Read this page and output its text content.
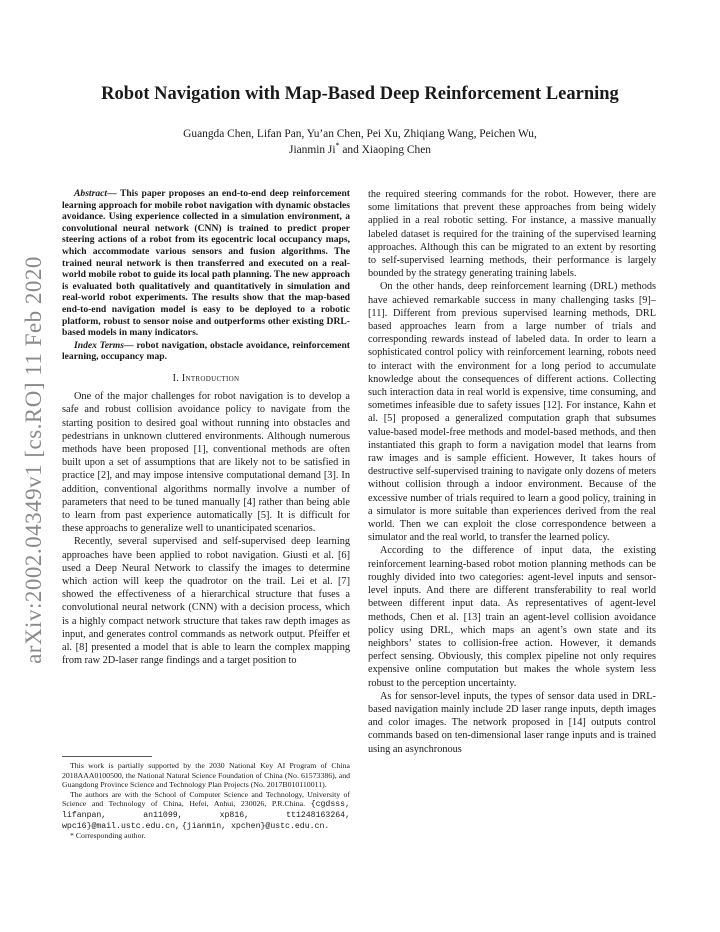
arXiv:2002.04349v1 [cs.RO] 11 Feb 2020
Robot Navigation with Map-Based Deep Reinforcement Learning
Guangda Chen, Lifan Pan, Yu’an Chen, Pei Xu, Zhiqiang Wang, Peichen Wu,
Jianmin Ji* and Xiaoping Chen

Abstract— This paper proposes an end-to-end deep reinforcement learning approach for mobile robot navigation with dynamic obstacles avoidance. Using experience collected in a simulation environment, a convolutional neural network (CNN) is trained to predict proper steering actions of a robot from its egocentric local occupancy maps, which accommodate various sensors and fusion algorithms. The trained neural network is then transferred and executed on a real-world mobile robot to guide its local path planning. The new approach is evaluated both qualitatively and quantitatively in simulation and real-world robot experiments. The results show that the map-based end-to-end navigation model is easy to be deployed to a robotic platform, robust to sensor noise and outperforms other existing DRL-based models in many indicators.

Index Terms— robot navigation, obstacle avoidance, reinforcement learning, occupancy map.

I. Introduction

One of the major challenges for robot navigation is to develop a safe and robust collision avoidance policy to navigate from the starting position to desired goal without running into obstacles and pedestrians in unknown cluttered environments. Although numerous methods have been proposed [1], conventional methods are often built upon a set of assumptions that are likely not to be satisfied in practice [2], and may impose intensive computational demand [3]. In addition, conventional algorithms normally involve a number of parameters that need to be tuned manually [4] rather than being able to learn from past experience automatically [5]. It is difficult for these approachs to generalize well to unanticipated scenarios.

Recently, several supervised and self-supervised deep learning approaches have been applied to robot navigation. Giusti et al. [6] used a Deep Neural Network to classify the images to determine which action will keep the quadrotor on the trail. Lei et al. [7] showed the effectiveness of a hierarchical structure that fuses a convolutional neural network (CNN) with a decision process, which is a highly compact network structure that takes raw depth images as input, and generates control commands as network output. Pfeiffer et al. [8] presented a model that is able to learn the complex mapping from raw 2D-laser range findings and a target position to

This work is partially supported by the 2030 National Key AI Program of China 2018AAA0100500, the National Natural Science Foundation of China (No. 61573386), and Guangdong Province Science and Technology Plan Projects (No. 2017B010110011).

The authors are with the School of Computer Science and Technology, University of Science and Technology of China, Hefei, Anhui, 230026, P.R.China. {cgdsss, lifanpan, an11099, xp816, tt1248163264, wpc16}@mail.ustc.edu.cn, {jianmin, xpchen}@ustc.edu.cn.

* Corresponding author.

the required steering commands for the robot. However, there are some limitations that prevent these approaches from being widely applied in a real robotic setting. For instance, a massive manually labeled dataset is required for the training of the supervised learning approaches. Although this can be migrated to an extent by resorting to self-supervised learning methods, their performance is largely bounded by the strategy generating training labels.

On the other hands, deep reinforcement learning (DRL) methods have achieved remarkable success in many challenging tasks [9]–[11]. Different from previous supervised learning methods, DRL based approaches learn from a large number of trials and corresponding rewards instead of labeled data. In order to learn a sophisticated control policy with reinforcement learning, robots need to interact with the environment for a long period to accumulate knowledge about the consequences of different actions. Collecting such interaction data in real world is expensive, time consuming, and sometimes infeasible due to safety issues [12]. For instance, Kahn et al. [5] proposed a generalized computation graph that subsumes value-based model-free methods and model-based methods, and then instantiated this graph to form a navigation model that learns from raw images and is sample efficient. However, It takes hours of destructive self-supervised training to navigate only dozens of meters without collision through a indoor environment. Because of the excessive number of trials required to learn a good policy, training in a simulator is more suitable than experiences derived from the real world. Then we can exploit the close correspondence between a simulator and the real world, to transfer the learned policy.

According to the difference of input data, the existing reinforcement learning-based robot motion planning methods can be roughly divided into two categories: agent-level inputs and sensor-level inputs. And there are different transferability to real world between different input data. As representatives of agent-level methods, Chen et al. [13] train an agent-level collision avoidance policy using DRL, which maps an agent’s own state and its neighbors’ states to collision-free action. However, it demands perfect sensing. Obviously, this complex pipeline not only requires expensive online computation but makes the whole system less robust to the perception uncertainty.

As for sensor-level inputs, the types of sensor data used in DRL-based navigation mainly include 2D laser range inputs, depth images and color images. The network proposed in [14] outputs control commands based on ten-dimensional laser range inputs and is trained using an asynchronous
